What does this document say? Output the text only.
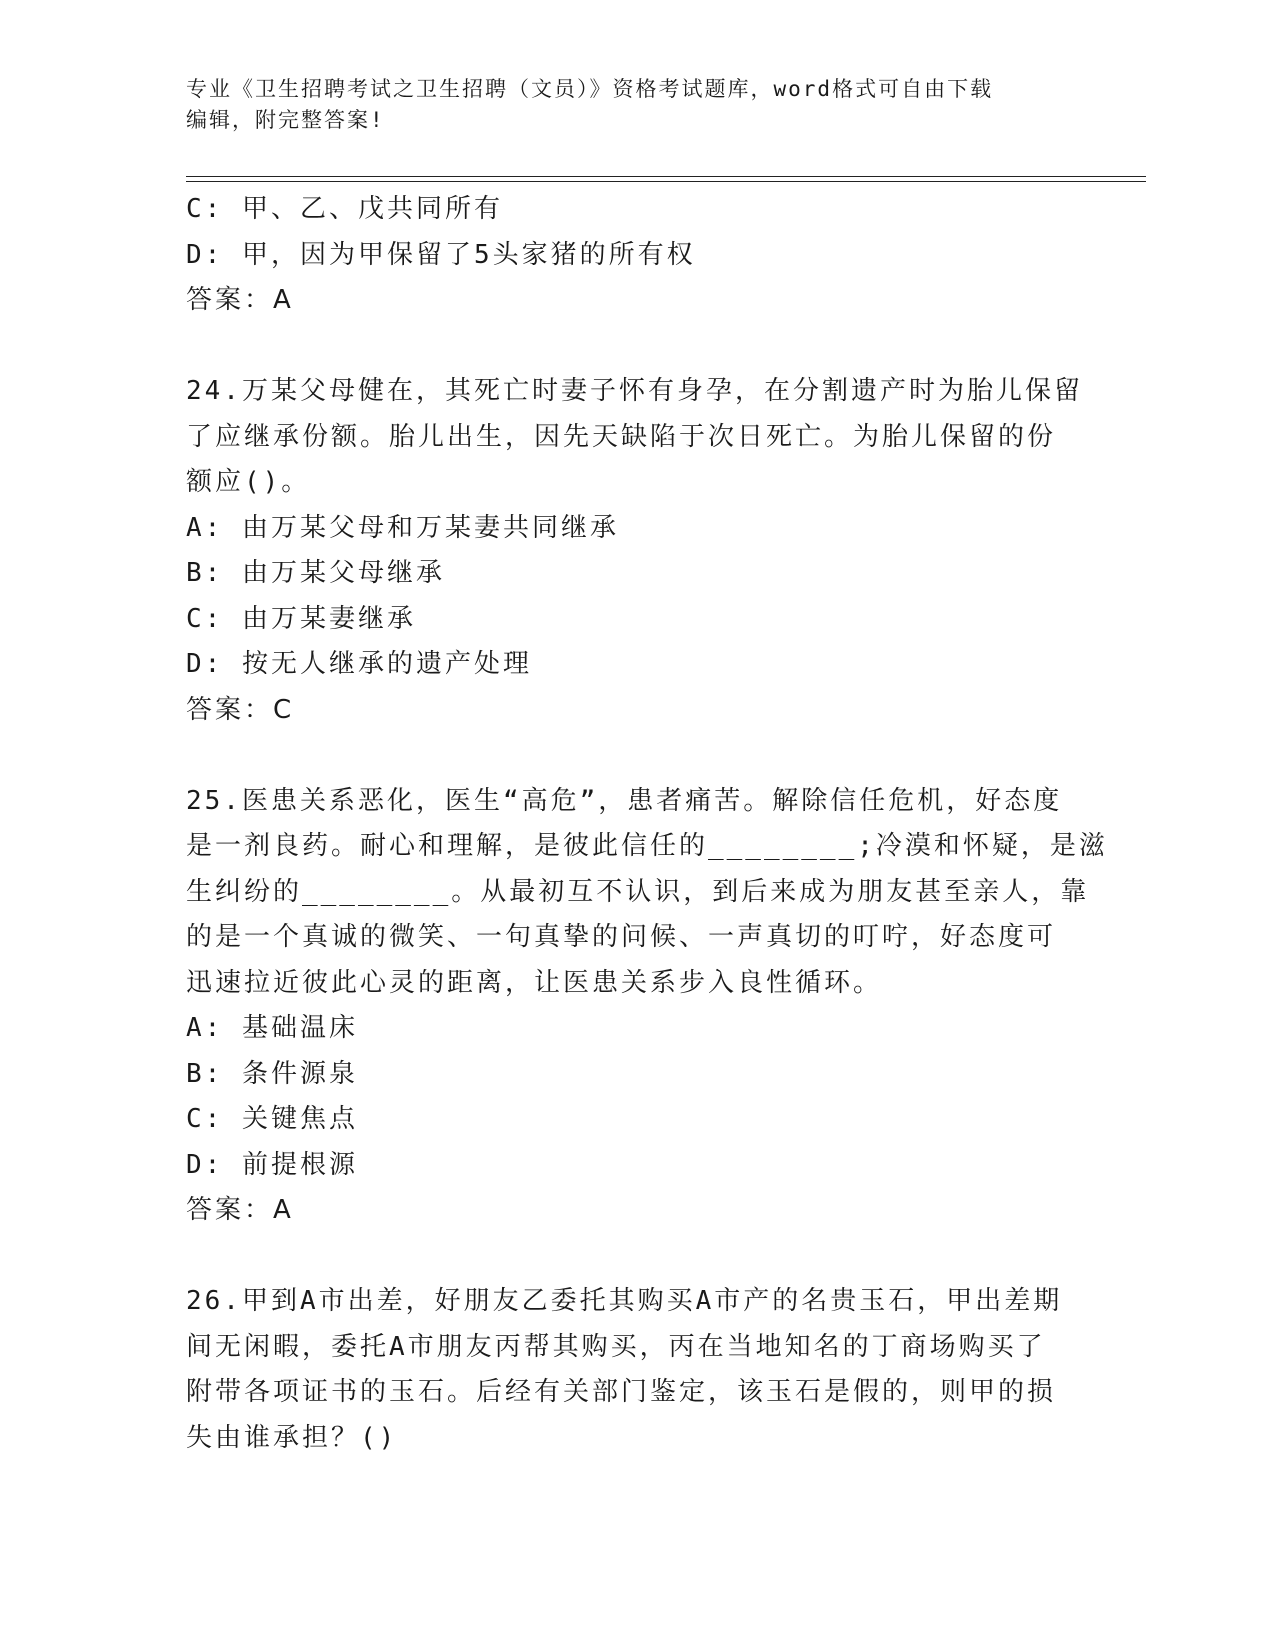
专业《卫生招聘考试之卫生招聘（文员）》资格考试题库，word格式可自由下载
编辑，附完整答案!
C: 甲、乙、戊共同所有
D: 甲，因为甲保留了5头家猪的所有权
答案：A
24.万某父母健在，其死亡时妻子怀有身孕，在分割遗产时为胎儿保留
了应继承份额。胎儿出生，因先天缺陷于次日死亡。为胎儿保留的份
额应()。
A: 由万某父母和万某妻共同继承
B: 由万某父母继承
C: 由万某妻继承
D: 按无人继承的遗产处理
答案：C
25.医患关系恶化，医生“高危”，患者痛苦。解除信任危机，好态度
是一剂良药。耐心和理解，是彼此信任的________;冷漠和怀疑，是滋
生纠纷的________。从最初互不认识，到后来成为朋友甚至亲人，靠
的是一个真诚的微笑、一句真挚的问候、一声真切的叮咛，好态度可
迅速拉近彼此心灵的距离，让医患关系步入良性循环。
A: 基础温床
B: 条件源泉
C: 关键焦点
D: 前提根源
答案：A
26.甲到A市出差，好朋友乙委托其购买A市产的名贵玉石，甲出差期
间无闲暇，委托A市朋友丙帮其购买，丙在当地知名的丁商场购买了
附带各项证书的玉石。后经有关部门鉴定，该玉石是假的，则甲的损
失由谁承担？()
